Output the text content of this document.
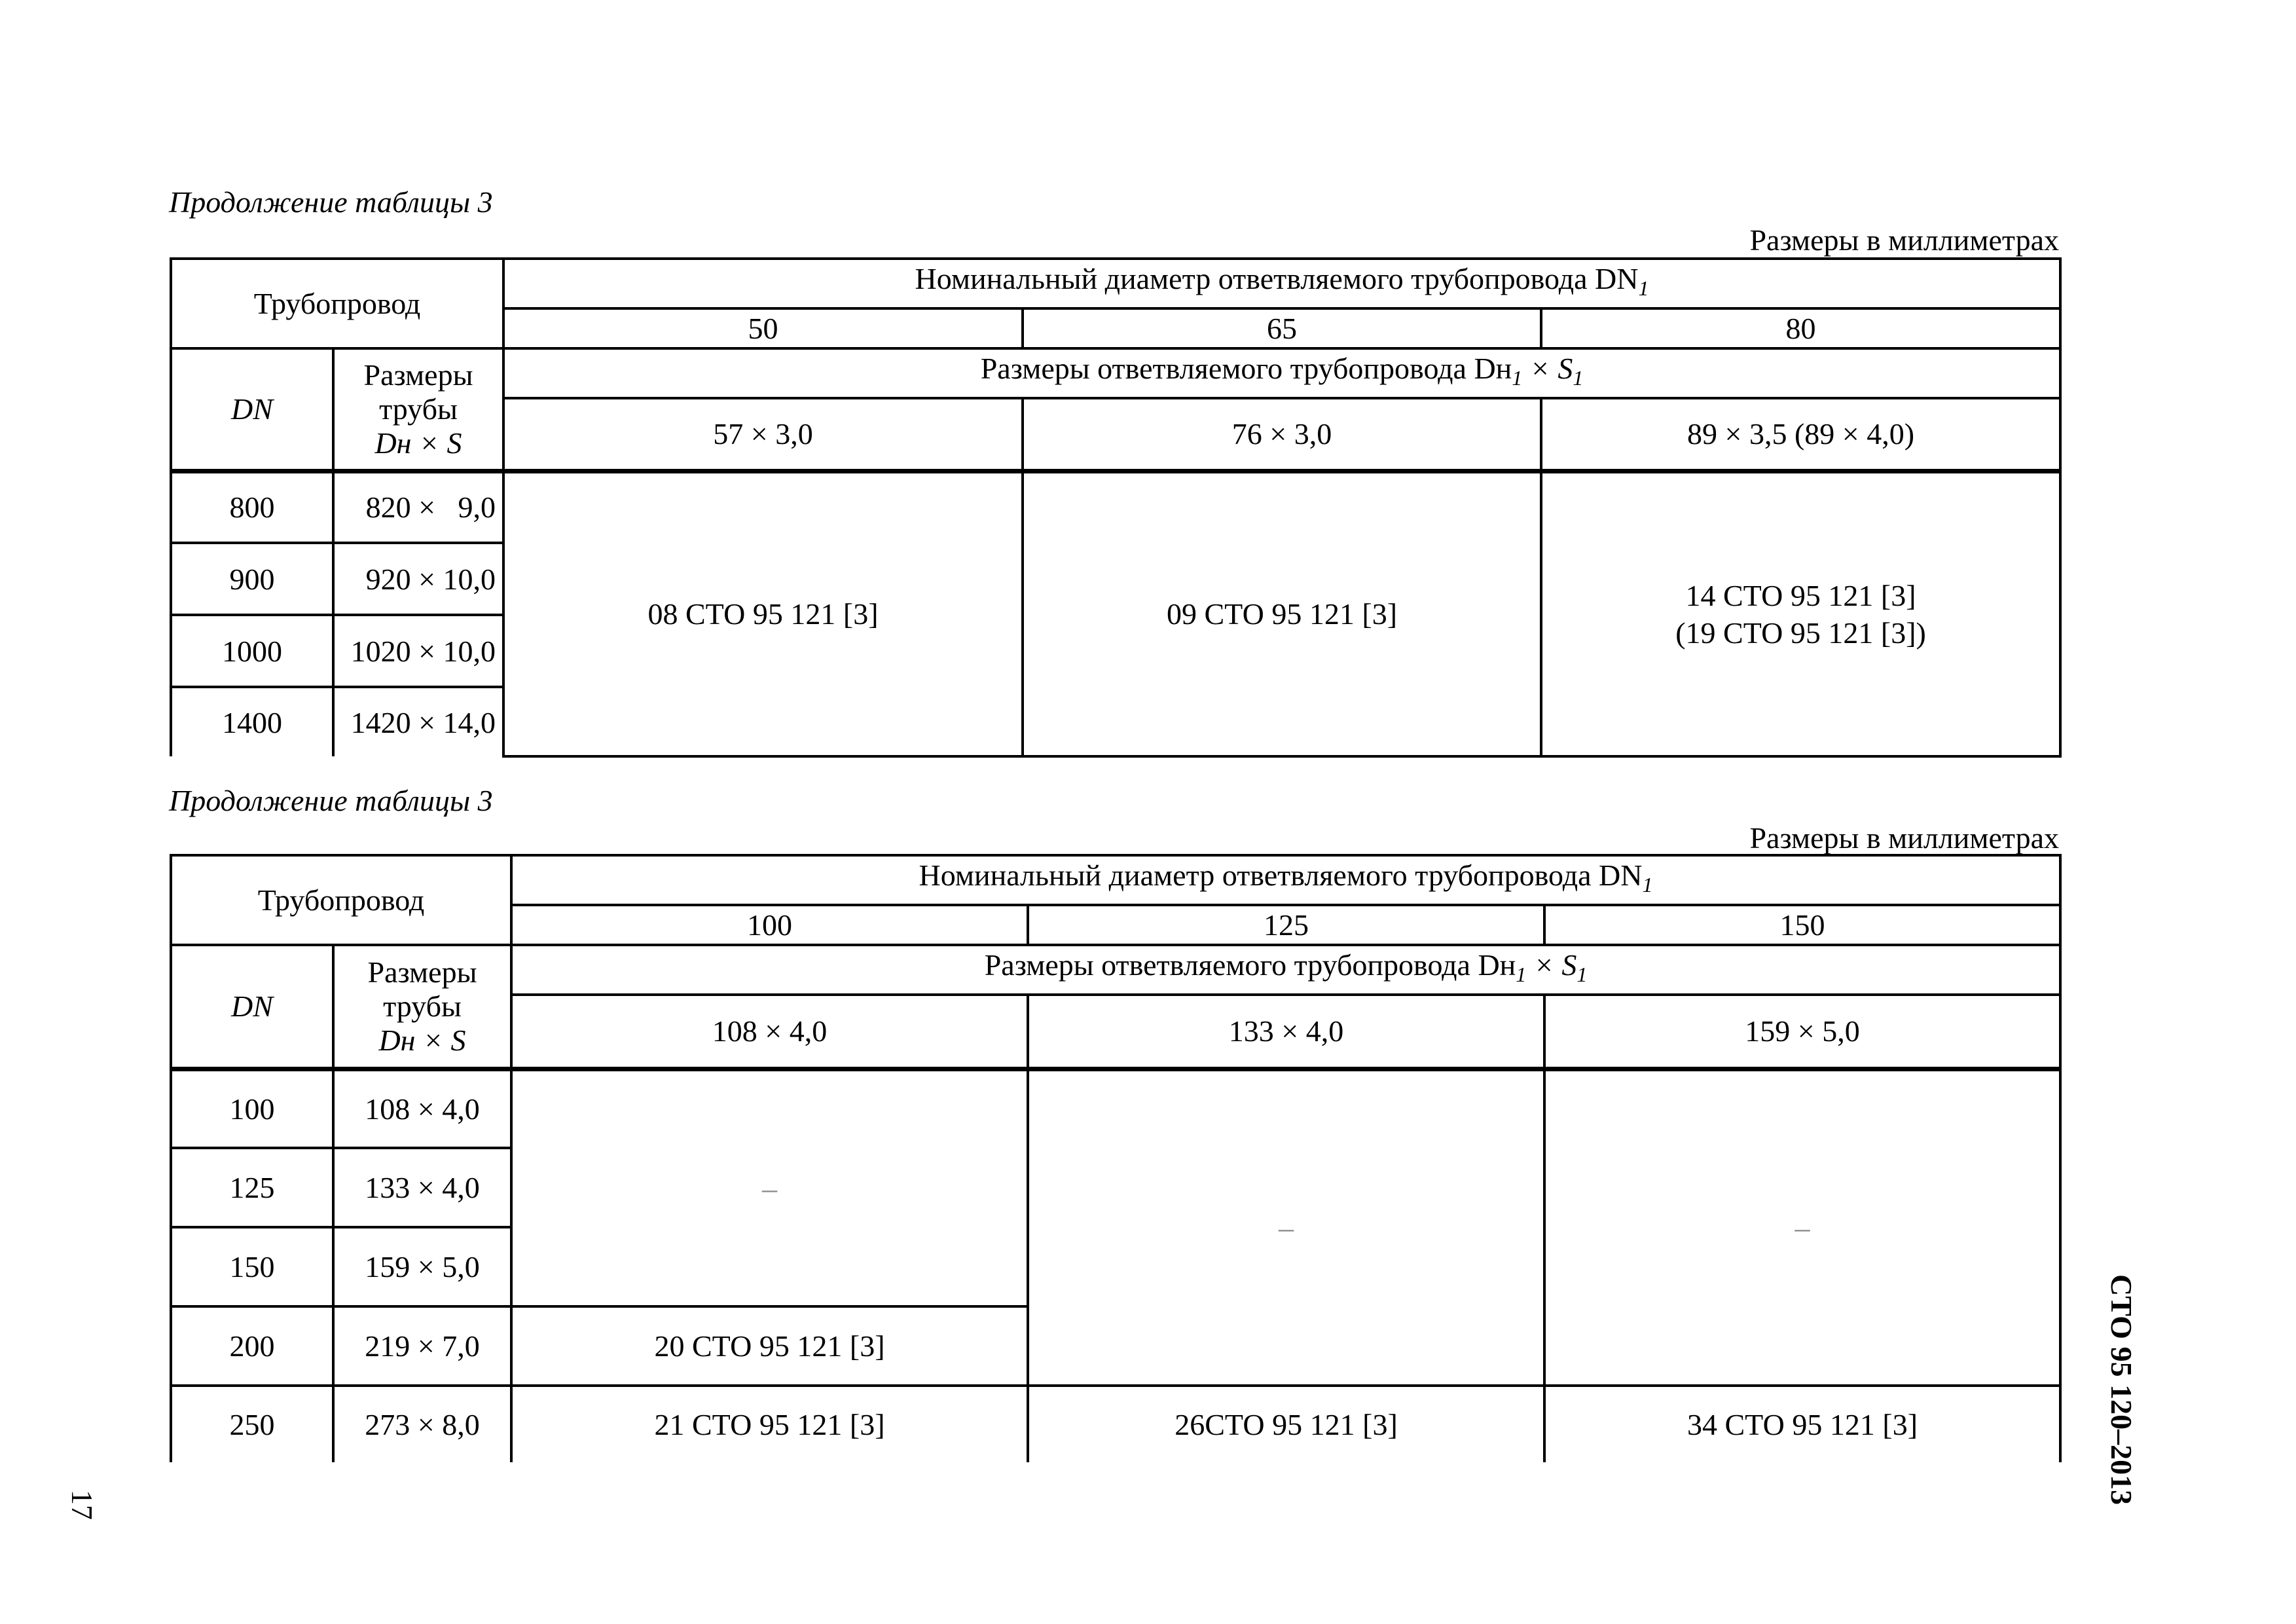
Продолжение таблицы 3
Размеры в миллиметрах
Трубопровод		Номинальный диаметр ответвляемого трубопровода $DN_1$
		50	65	80
DN	Размеры
трубы
Dн × S	Размеры ответвляемого трубопровода $Dн_1 \times S_1$
		57 × 3,0	76 × 3,0	89 × 3,5 (89 × 4,0)
800	820 ×   9,0	08 СТО 95 121 [3]	09 СТО 95 121 [3]	14 СТО 95 121 [3]
(19 СТО 95 121 [3])

900	920 × 10,0			
1000	1020 × 10,0			
1400	1420 × 14,0			
Продолжение таблицы 3
Размеры в миллиметрах
Трубопровод		Номинальный диаметр ответвляемого трубопровода $DN_1$
		100	125	150
DN	Размеры
трубы
Dн × S	Размеры ответвляемого трубопровода $Dн_1 \times S_1$
		108 × 4,0	133 × 4,0	159 × 5,0
100	108 × 4,0	–	–	–
125	133 × 4,0			
150	159 × 5,0			
200	219 × 7,0	20 СТО 95 121 [3]		
250	273 × 8,0	21 СТО 95 121 [3]	26СТО 95 121 [3]	34 СТО 95 121 [3]	СТО 95 120–2013
17
